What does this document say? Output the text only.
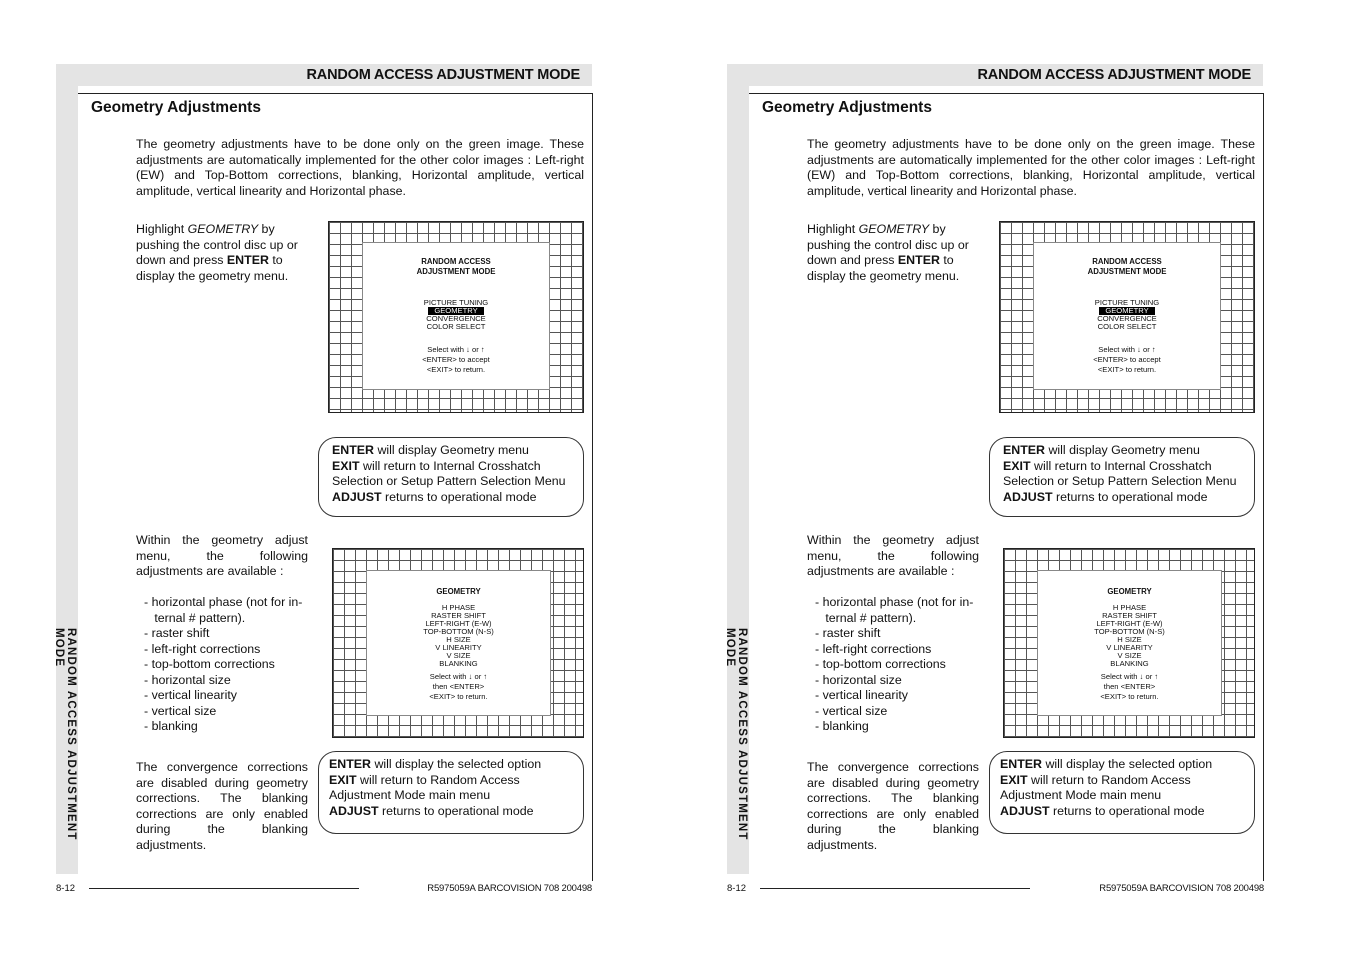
RANDOM ACCESS ADJUSTMENT MODE
RANDOM ACCESS ADJUSTMENT MODE
Geometry Adjustments
The geometry adjustments have to be done only on the green image. These adjustments are automatically implemented for the other color images : Left-right (EW) and Top-Bottom corrections, blanking, Horizontal amplitude, vertical amplitude, vertical linearity and Horizontal phase.
Highlight GEOMETRY by pushing the control disc up or down and press ENTER to display the geometry menu.
RANDOM ACCESS
ADJUSTMENT MODE
PICTURE TUNING
GEOMETRY
CONVERGENCE
COLOR SELECT
Select with ↓ or ↑
<ENTER> to accept
<EXIT> to return.
ENTER will display Geometry menu
EXIT will return to Internal Crosshatch Selection or Setup Pattern Selection Menu
ADJUST returns to operational mode
Within the geometry adjust menu, the following adjustments are available :
- horizontal phase (not for in-
ternal # pattern).
- raster shift
- left-right corrections
- top-bottom corrections
- horizontal size
- vertical linearity
- vertical size
- blanking
GEOMETRY
H PHASE
RASTER SHIFT
LEFT-RIGHT (E-W)
TOP-BOTTOM (N-S)
H SIZE
V LINEARITY
V SIZE
BLANKING
Select with ↓ or ↑
then <ENTER>
<EXIT> to return.
The convergence corrections are disabled during geometry corrections. The blanking corrections are only enabled during the blanking adjustments.
ENTER will display the selected option
EXIT will return to Random Access Adjustment Mode main menu
ADJUST returns to operational mode
8-12	R5975059A BARCOVISION 708 200498
RANDOM ACCESS ADJUSTMENT MODE
RANDOM ACCESS ADJUSTMENT MODE
Geometry Adjustments
The geometry adjustments have to be done only on the green image. These adjustments are automatically implemented for the other color images : Left-right (EW) and Top-Bottom corrections, blanking, Horizontal amplitude, vertical amplitude, vertical linearity and Horizontal phase.
Highlight GEOMETRY by pushing the control disc up or down and press ENTER to display the geometry menu.
RANDOM ACCESS
ADJUSTMENT MODE
PICTURE TUNING
GEOMETRY
CONVERGENCE
COLOR SELECT
Select with ↓ or ↑
<ENTER> to accept
<EXIT> to return.
ENTER will display Geometry menu
EXIT will return to Internal Crosshatch Selection or Setup Pattern Selection Menu
ADJUST returns to operational mode
Within the geometry adjust menu, the following adjustments are available :
- horizontal phase (not for in-
ternal # pattern).
- raster shift
- left-right corrections
- top-bottom corrections
- horizontal size
- vertical linearity
- vertical size
- blanking
GEOMETRY
H PHASE
RASTER SHIFT
LEFT-RIGHT (E-W)
TOP-BOTTOM (N-S)
H SIZE
V LINEARITY
V SIZE
BLANKING
Select with ↓ or ↑
then <ENTER>
<EXIT> to return.
The convergence corrections are disabled during geometry corrections. The blanking corrections are only enabled during the blanking adjustments.
ENTER will display the selected option
EXIT will return to Random Access Adjustment Mode main menu
ADJUST returns to operational mode
8-12	R5975059A BARCOVISION 708 200498
